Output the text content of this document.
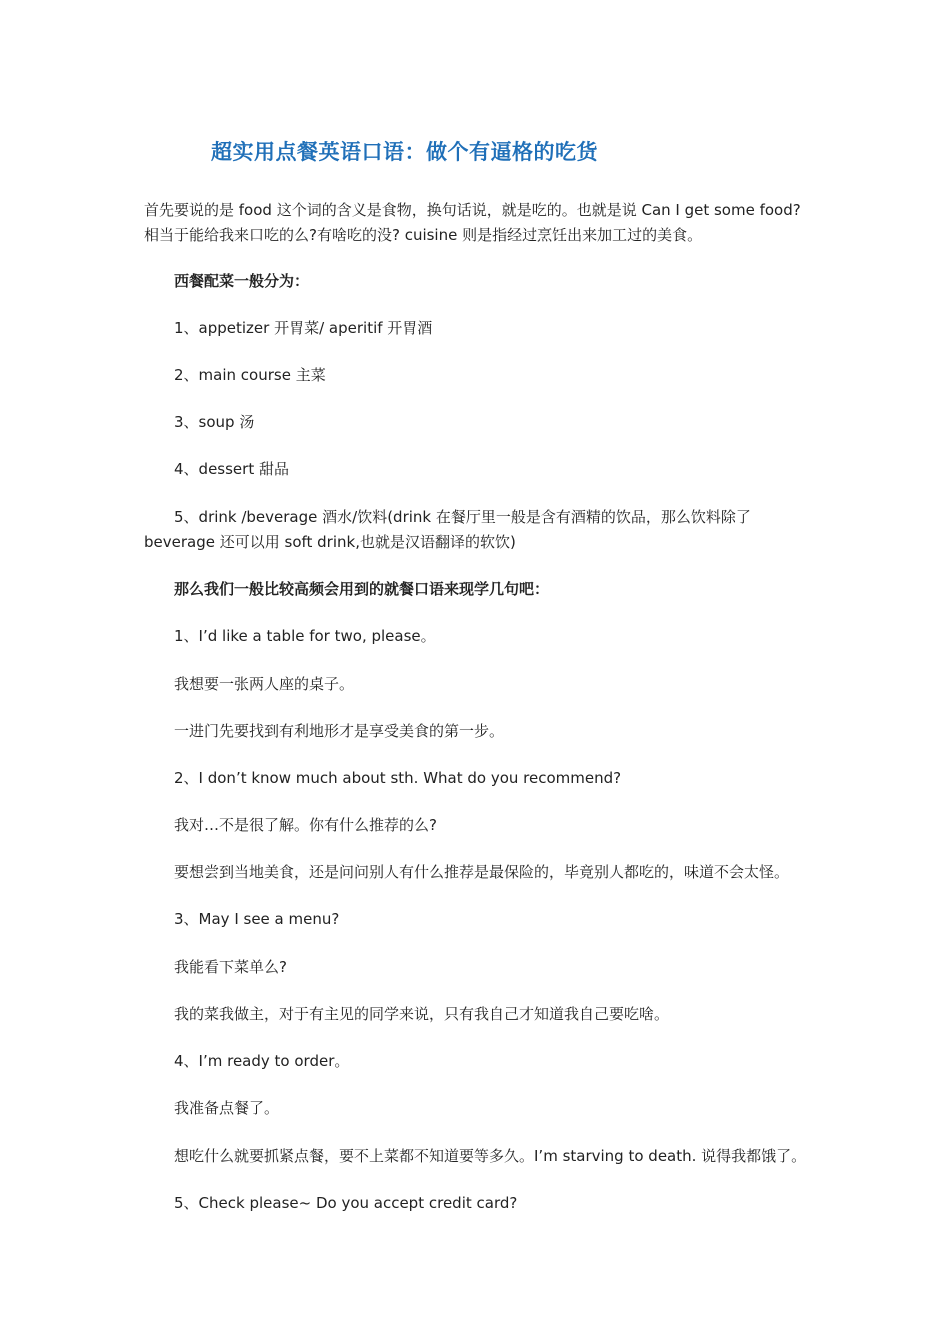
超实用点餐英语口语：做个有逼格的吃货
首先要说的是 food 这个词的含义是食物，换句话说，就是吃的。也就是说 Can I get some food?
相当于能给我来口吃的么?有啥吃的没? cuisine 则是指经过烹饪出来加工过的美食。
西餐配菜一般分为：
1、appetizer 开胃菜/ aperitif 开胃酒
2、main course 主菜
3、soup 汤
4、dessert 甜品
5、drink /beverage 酒水/饮料(drink 在餐厅里一般是含有酒精的饮品，那么饮料除了
beverage 还可以用 soft drink,也就是汉语翻译的软饮)
那么我们一般比较高频会用到的就餐口语来现学几句吧：
1、I’d like a table for two, please。
我想要一张两人座的桌子。
一进门先要找到有利地形才是享受美食的第一步。
2、I don’t know much about sth. What do you recommend?
我对…不是很了解。你有什么推荐的么?
要想尝到当地美食，还是问问别人有什么推荐是最保险的，毕竟别人都吃的，味道不会太怪。
3、May I see a menu?
我能看下菜单么?
我的菜我做主，对于有主见的同学来说，只有我自己才知道我自己要吃啥。
4、I’m ready to order。
我准备点餐了。
想吃什么就要抓紧点餐，要不上菜都不知道要等多久。I’m starving to death. 说得我都饿了。
5、Check please~ Do you accept credit card?
